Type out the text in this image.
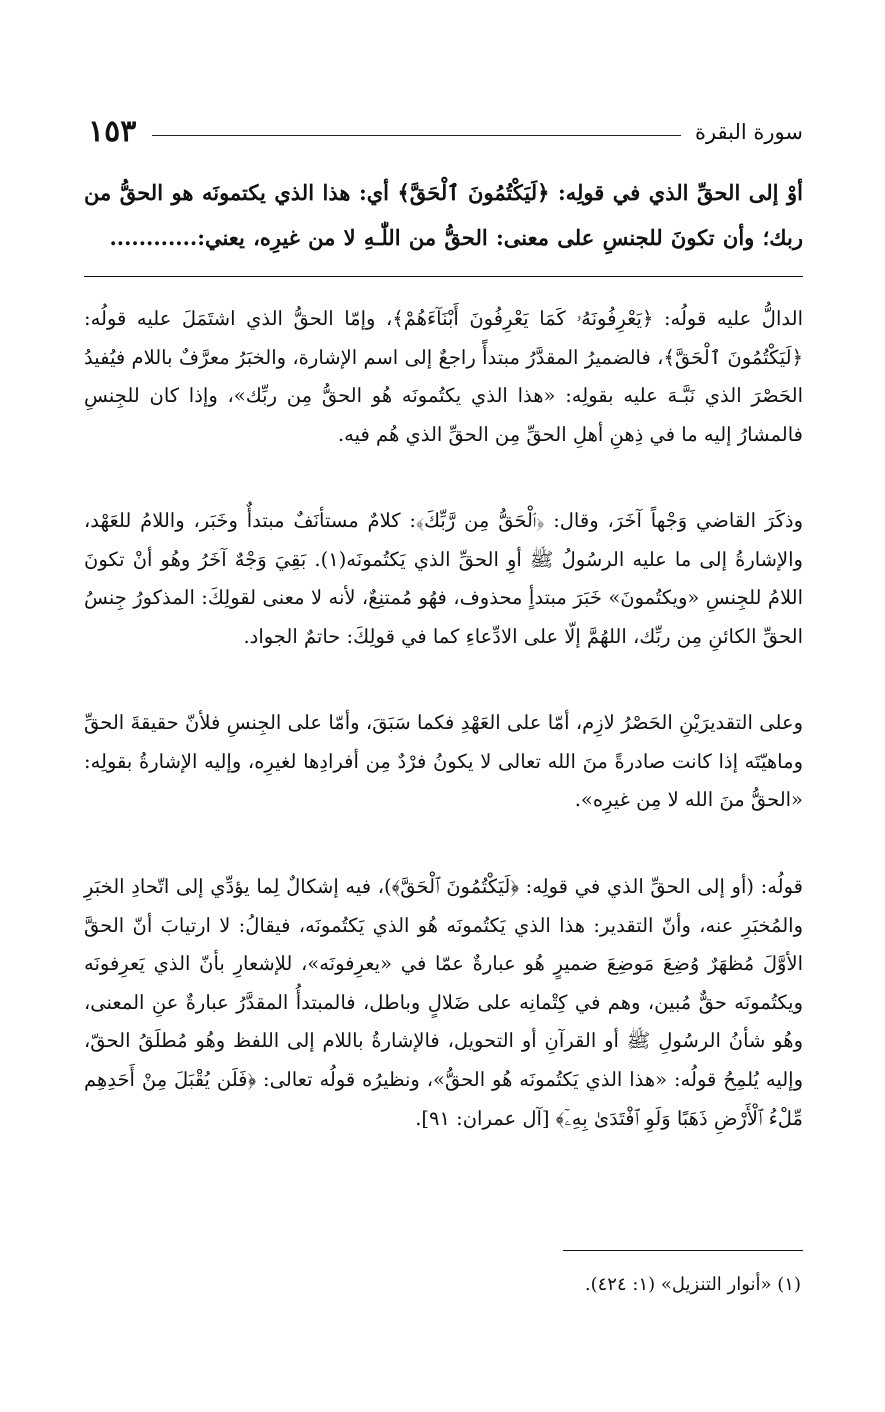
١٥٣	سورة البقرة

أوْ إلى الحقِّ الذي في قولِه: ﴿لَيَكْتُمُونَ ٱلْحَقَّ﴾ أي: هذا الذي يكتمونَه هو الحقُّ من ربك؛ وأن تكونَ للجنسِ على معنى: الحقُّ من اللّٰـهِ لا من غيرِه، يعني:............

الدالُّ عليه قولُه: ﴿يَعْرِفُونَهُۥ كَمَا يَعْرِفُونَ أَبْنَآءَهُمْ﴾، وإمّا الحقُّ الذي اشتَمَلَ عليه قولُه: ﴿لَيَكْتُمُونَ ٱلْحَقَّ﴾، فالضميرُ المقدَّرُ مبتدأً راجعٌ إلى اسم الإشارة، والخبَرُ معرَّفٌ باللام فيُفيدُ الحَصْرَ الذي نَبَّـهَ عليه بقولِه: «هذا الذي يكتُمونَه هُو الحقُّ مِن ربِّك»، وإذا كان للجِنسِ فالمشارُ إليه ما في ذِهنِ أهلِ الحقِّ مِن الحقِّ الذي هُم فيه.

وذكَرَ القاضي وَجْهاً آخَرَ، وقال: ﴿ٱلْحَقُّ مِن رَّبِّكَ﴾: كلامٌ مستأنَفٌ مبتدأٌ وخَبَر، واللامُ للعَهْد، والإشارةُ إلى ما عليه الرسُولُ ﷺ أوِ الحقِّ الذي يَكتُمونَه(١). بَقِيَ وَجْهٌ آخَرُ وهُو أنْ تكونَ اللامُ للجِنسِ «ويكتُمونَ» خَبَرَ مبتدأٍ محذوف، فهُو مُمتنِعٌ، لأنه لا معنى لقولِكَ: المذكورُ جِنسُ الحقِّ الكائنِ مِن ربِّك، اللهُمَّ إلّا على الادِّعاءِ كما في قولِكَ: حاتمٌ الجواد.

وعلى التقديرَيْنِ الحَصْرُ لازِم، أمّا على العَهْدِ فكما سَبَقَ، وأمّا على الجِنسِ فلأنّ حقيقةَ الحقِّ وماهيّتَه إذا كانت صادرةً منَ الله تعالى لا يكونُ فرْدٌ مِن أفرادِها لغيرِه، وإليه الإشارةُ بقولِه: «الحقُّ منَ الله لا مِن غيرِه».

قولُه: (أو إلى الحقِّ الذي في قولِه: ﴿لَيَكْتُمُونَ ٱلْحَقَّ﴾)، فيه إشكالٌ لِما يؤدِّي إلى اتّحادِ الخبَرِ والمُخبَرِ عنه، وأنّ التقدير: هذا الذي يَكتُمونَه هُو الذي يَكتُمونَه، فيقالُ: لا ارتيابَ أنّ الحقَّ الأوَّلَ مُظهَرٌ وُضِعَ مَوضِعَ ضميرٍ هُو عبارةٌ عمّا في «يعرِفونَه»، للإشعارِ بأنّ الذي يَعرِفونَه ويكتُمونَه حقٌّ مُبين، وهم في كِتْمانِه على ضَلالٍ وباطل، فالمبتدأُ المقدَّرُ عبارةٌ عنِ المعنى، وهُو شأنُ الرسُولِ ﷺ أو القرآنِ أو التحويل، فالإشارةُ باللام إلى اللفظ وهُو مُطلَقُ الحقّ، وإليه يُلمِحُ قولُه: «هذا الذي يَكتُمونَه هُو الحقُّ»، ونظيرُه قولُه تعالى: ﴿فَلَن يُقْبَلَ مِنْ أَحَدِهِم مِّلْءُ ٱلْأَرْضِ ذَهَبًا وَلَوِ ٱفْتَدَىٰ بِهِۦٓ﴾ [آل عمران: ٩١].

(١) «أنوار التنزيل» (١: ٤٢٤).
